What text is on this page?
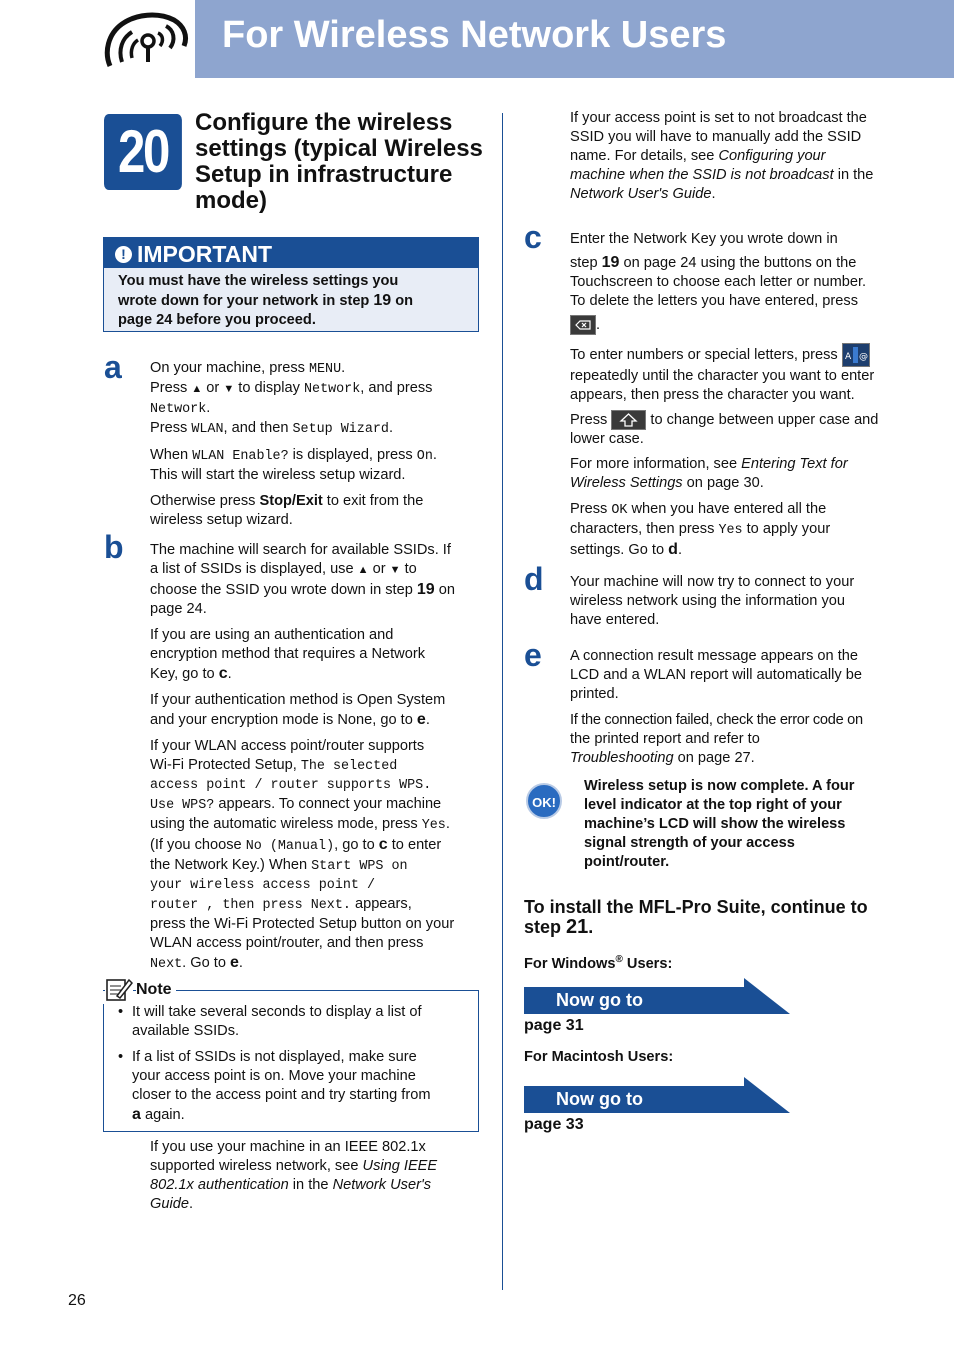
For Wireless Network Users
20	Configure the wireless settings (typical Wireless Setup in infrastructure mode)
! IMPORTANT

You must have the wireless settings you

wrote down for your network in step 19 on

page 24 before you proceed.

a On your machine, press MENU.

Press ▲ or ▼ to display Network, and press

Network.

Press WLAN, and then Setup Wizard.

When WLAN Enable? is displayed, press On.

This will start the wireless setup wizard.

Otherwise press Stop/Exit to exit from the

wireless setup wizard.

b The machine will search for available SSIDs. If

a list of SSIDs is displayed, use ▲ or ▼ to

choose the SSID you wrote down in step 19 on

page 24.

If you are using an authentication and

encryption method that requires a Network

Key, go to c.

If your authentication method is Open System

and your encryption mode is None, go to e.

If your WLAN access point/router supports

Wi-Fi Protected Setup, The selected

access point / router supports WPS.

Use WPS? appears. To connect your machine

using the automatic wireless mode, press Yes.

(If you choose No (Manual), go to c to enter

the Network Key.) When Start WPS on

your wireless access point /

router , then press Next. appears,

press the Wi-Fi Protected Setup button on your

WLAN access point/router, and then press

Next. Go to e.

Note
• It will take several seconds to display a list of

available SSIDs.

• If a list of SSIDs is not displayed, make sure

your access point is on. Move your machine

closer to the access point and try starting from

a again.

If you use your machine in an IEEE 802.1x

supported wireless network, see Using IEEE

802.1x authentication in the Network User's

Guide.

If your access point is set to not broadcast the

SSID you will have to manually add the SSID

name. For details, see Configuring your

machine when the SSID is not broadcast in the

Network User's Guide.

c Enter the Network Key you wrote down in

step 19 on page 24 using the buttons on the

Touchscreen to choose each letter or number.

To delete the letters you have entered, press

.

To enter numbers or special letters, press A @

repeatedly until the character you want to enter

appears, then press the character you want.

Press  to change between upper case and

lower case.

For more information, see Entering Text for

Wireless Settings on page 30.

Press OK when you have entered all the

characters, then press Yes to apply your

settings. Go to d.

d Your machine will now try to connect to your

wireless network using the information you

have entered.

e A connection result message appears on the

LCD and a WLAN report will automatically be

printed.

If the connection failed, check the error code on

the printed report and refer to

Troubleshooting on page 27.

OK!

Wireless setup is now complete. A four

level indicator at the top right of your

machine’s LCD will show the wireless

signal strength of your access

point/router.

To install the MFL-Pro Suite, continue to

step 21.

For Windows® Users:
Now go to
page 31
For Macintosh Users:
Now go to
page 33
26
